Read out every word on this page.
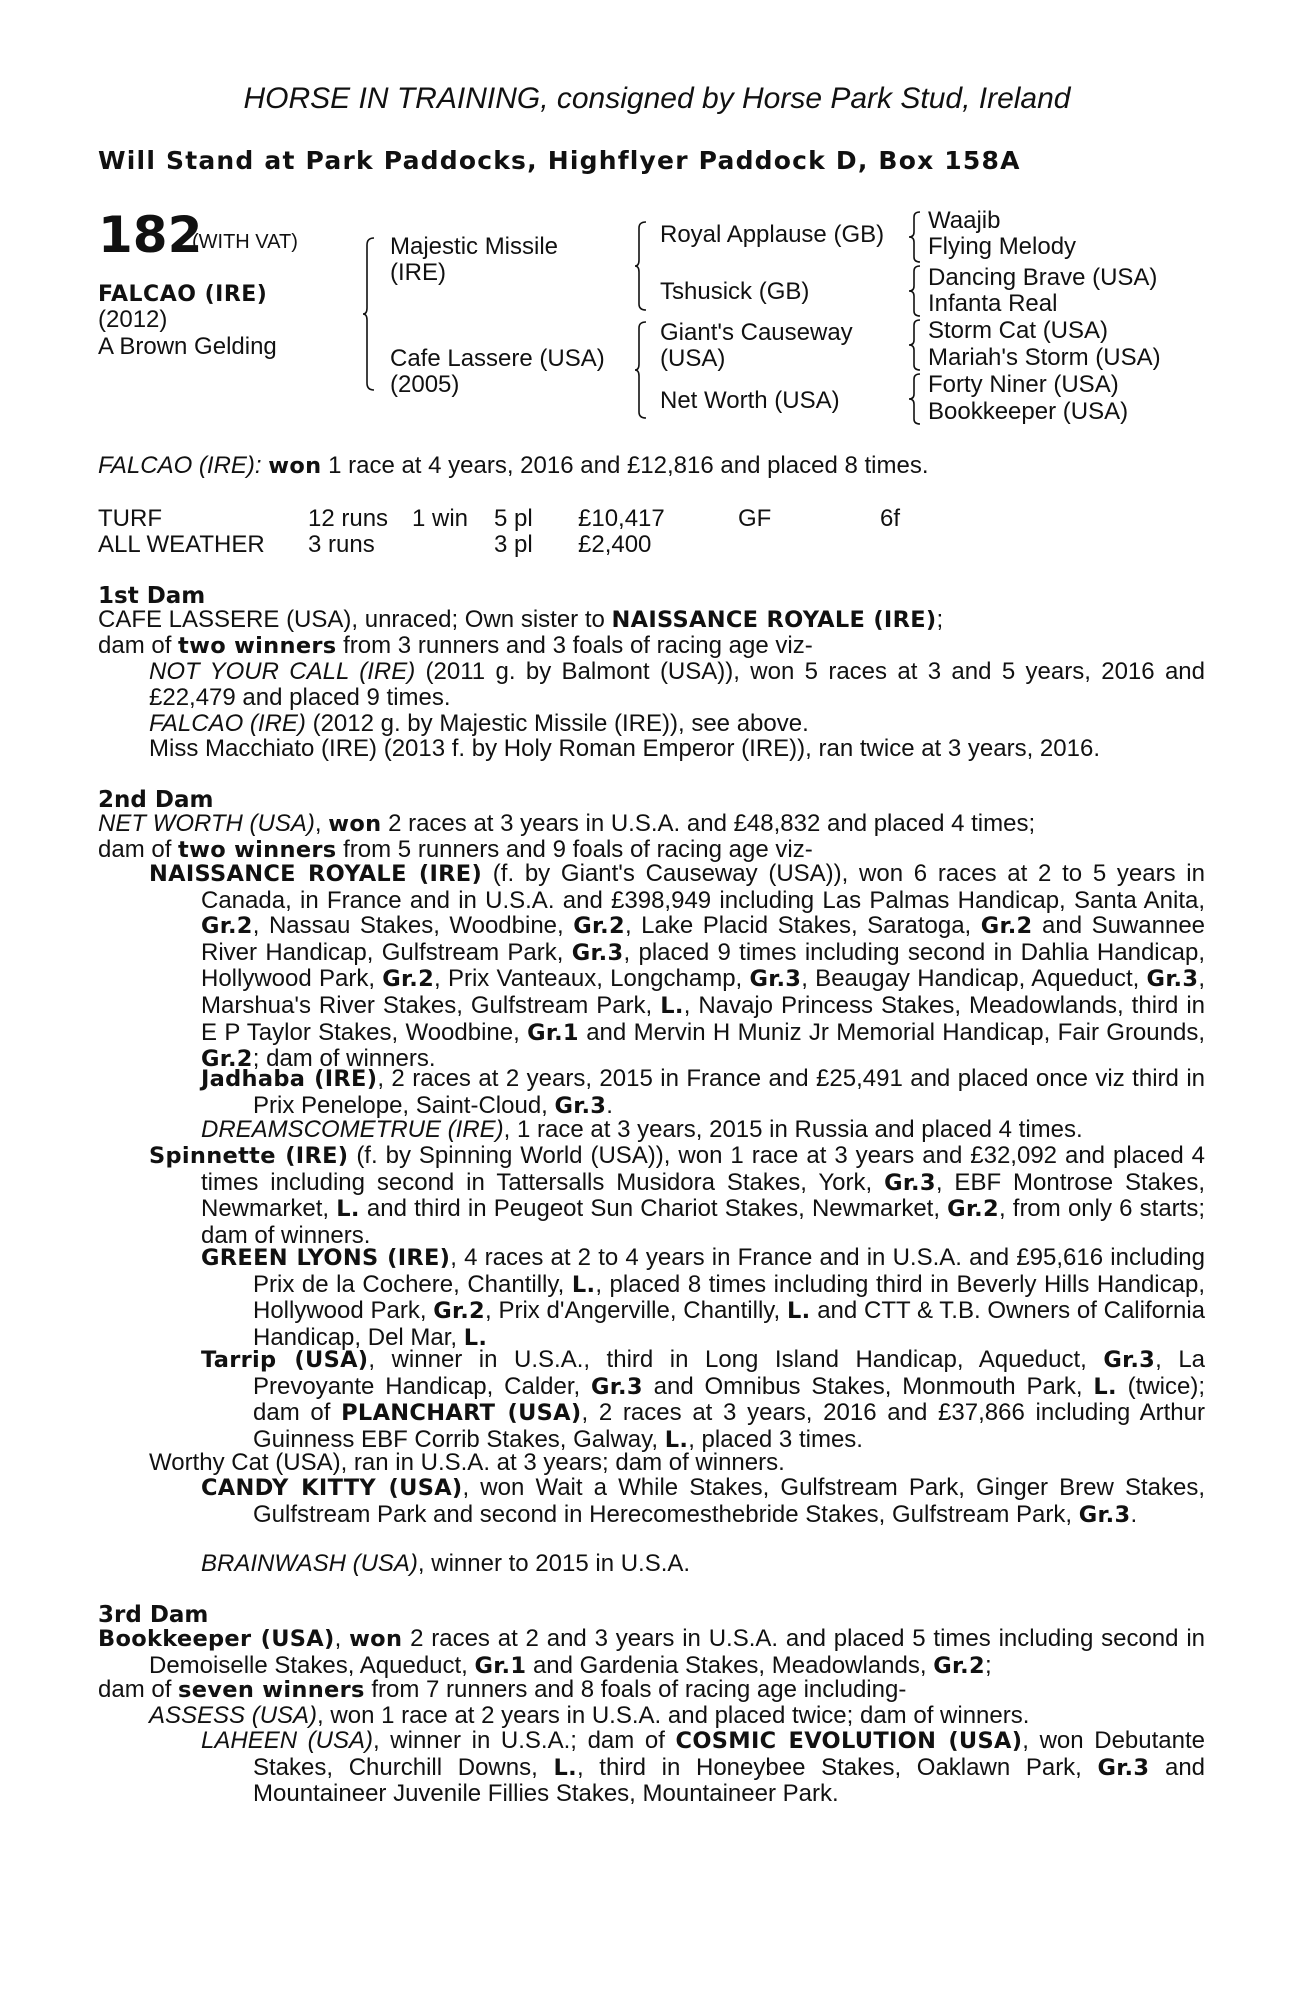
HORSE IN TRAINING, consigned by Horse Park Stud, Ireland
Will Stand at Park Paddocks, Highflyer Paddock D, Box 158A
182
(WITH VAT)
FALCAO (IRE)
(2012)
A Brown Gelding
Majestic Missile
(IRE)
Cafe Lassere (USA)
(2005)
Royal Applause (GB)
Tshusick (GB)
Giant's Causeway
(USA)
Net Worth (USA)
Waajib
Flying Melody
Dancing Brave (USA)
Infanta Real
Storm Cat (USA)
Mariah's Storm (USA)
Forty Niner (USA)
Bookkeeper (USA)
FALCAO (IRE): won 1 race at 4 years, 2016 and £12,816 and placed 8 times.
TURF	12 runs 1 win 5 pl £10,417	GF	6f
ALL WEATHER 3 runs	3 pl £2,400
1st Dam
CAFE LASSERE (USA), unraced; Own sister to NAISSANCE ROYALE (IRE);
dam of two winners from 3 runners and 3 foals of racing age viz-
NOT YOUR CALL (IRE) (2011 g. by Balmont (USA)), won 5 races at 3 and 5 years, 2016 and £22,479 and placed 9 times.
FALCAO (IRE) (2012 g. by Majestic Missile (IRE)), see above.
Miss Macchiato (IRE) (2013 f. by Holy Roman Emperor (IRE)), ran twice at 3 years, 2016.
2nd Dam
NET WORTH (USA), won 2 races at 3 years in U.S.A. and £48,832 and placed 4 times;
dam of two winners from 5 runners and 9 foals of racing age viz-
NAISSANCE ROYALE (IRE) (f. by Giant's Causeway (USA)), won 6 races at 2 to 5 years in Canada, in France and in U.S.A. and £398,949 including Las Palmas Handicap, Santa Anita, Gr.2, Nassau Stakes, Woodbine, Gr.2, Lake Placid Stakes, Saratoga, Gr.2 and Suwannee River Handicap, Gulfstream Park, Gr.3, placed 9 times including second in Dahlia Handicap, Hollywood Park, Gr.2, Prix Vanteaux, Longchamp, Gr.3, Beaugay Handicap, Aqueduct, Gr.3, Marshua's River Stakes, Gulfstream Park, L., Navajo Princess Stakes, Meadowlands, third in E P Taylor Stakes, Woodbine, Gr.1 and Mervin H Muniz Jr Memorial Handicap, Fair Grounds, Gr.2; dam of winners.
Jadhaba (IRE), 2 races at 2 years, 2015 in France and £25,491 and placed once viz third in Prix Penelope, Saint-Cloud, Gr.3.
DREAMSCOMETRUE (IRE), 1 race at 3 years, 2015 in Russia and placed 4 times.
Spinnette (IRE) (f. by Spinning World (USA)), won 1 race at 3 years and £32,092 and placed 4 times including second in Tattersalls Musidora Stakes, York, Gr.3, EBF Montrose Stakes, Newmarket, L. and third in Peugeot Sun Chariot Stakes, Newmarket, Gr.2, from only 6 starts; dam of winners.
GREEN LYONS (IRE), 4 races at 2 to 4 years in France and in U.S.A. and £95,616 including Prix de la Cochere, Chantilly, L., placed 8 times including third in Beverly Hills Handicap, Hollywood Park, Gr.2, Prix d'Angerville, Chantilly, L. and CTT & T.B. Owners of California Handicap, Del Mar, L.
Tarrip (USA), winner in U.S.A., third in Long Island Handicap, Aqueduct, Gr.3, La Prevoyante Handicap, Calder, Gr.3 and Omnibus Stakes, Monmouth Park, L. (twice); dam of PLANCHART (USA), 2 races at 3 years, 2016 and £37,866 including Arthur Guinness EBF Corrib Stakes, Galway, L., placed 3 times.
Worthy Cat (USA), ran in U.S.A. at 3 years; dam of winners.
CANDY KITTY (USA), won Wait a While Stakes, Gulfstream Park, Ginger Brew Stakes, Gulfstream Park and second in Herecomesthebride Stakes, Gulfstream Park, Gr.3.
BRAINWASH (USA), winner to 2015 in U.S.A.
3rd Dam
Bookkeeper (USA), won 2 races at 2 and 3 years in U.S.A. and placed 5 times including second in Demoiselle Stakes, Aqueduct, Gr.1 and Gardenia Stakes, Meadowlands, Gr.2;
dam of seven winners from 7 runners and 8 foals of racing age including-
ASSESS (USA), won 1 race at 2 years in U.S.A. and placed twice; dam of winners.
LAHEEN (USA), winner in U.S.A.; dam of COSMIC EVOLUTION (USA), won Debutante Stakes, Churchill Downs, L., third in Honeybee Stakes, Oaklawn Park, Gr.3 and Mountaineer Juvenile Fillies Stakes, Mountaineer Park.
